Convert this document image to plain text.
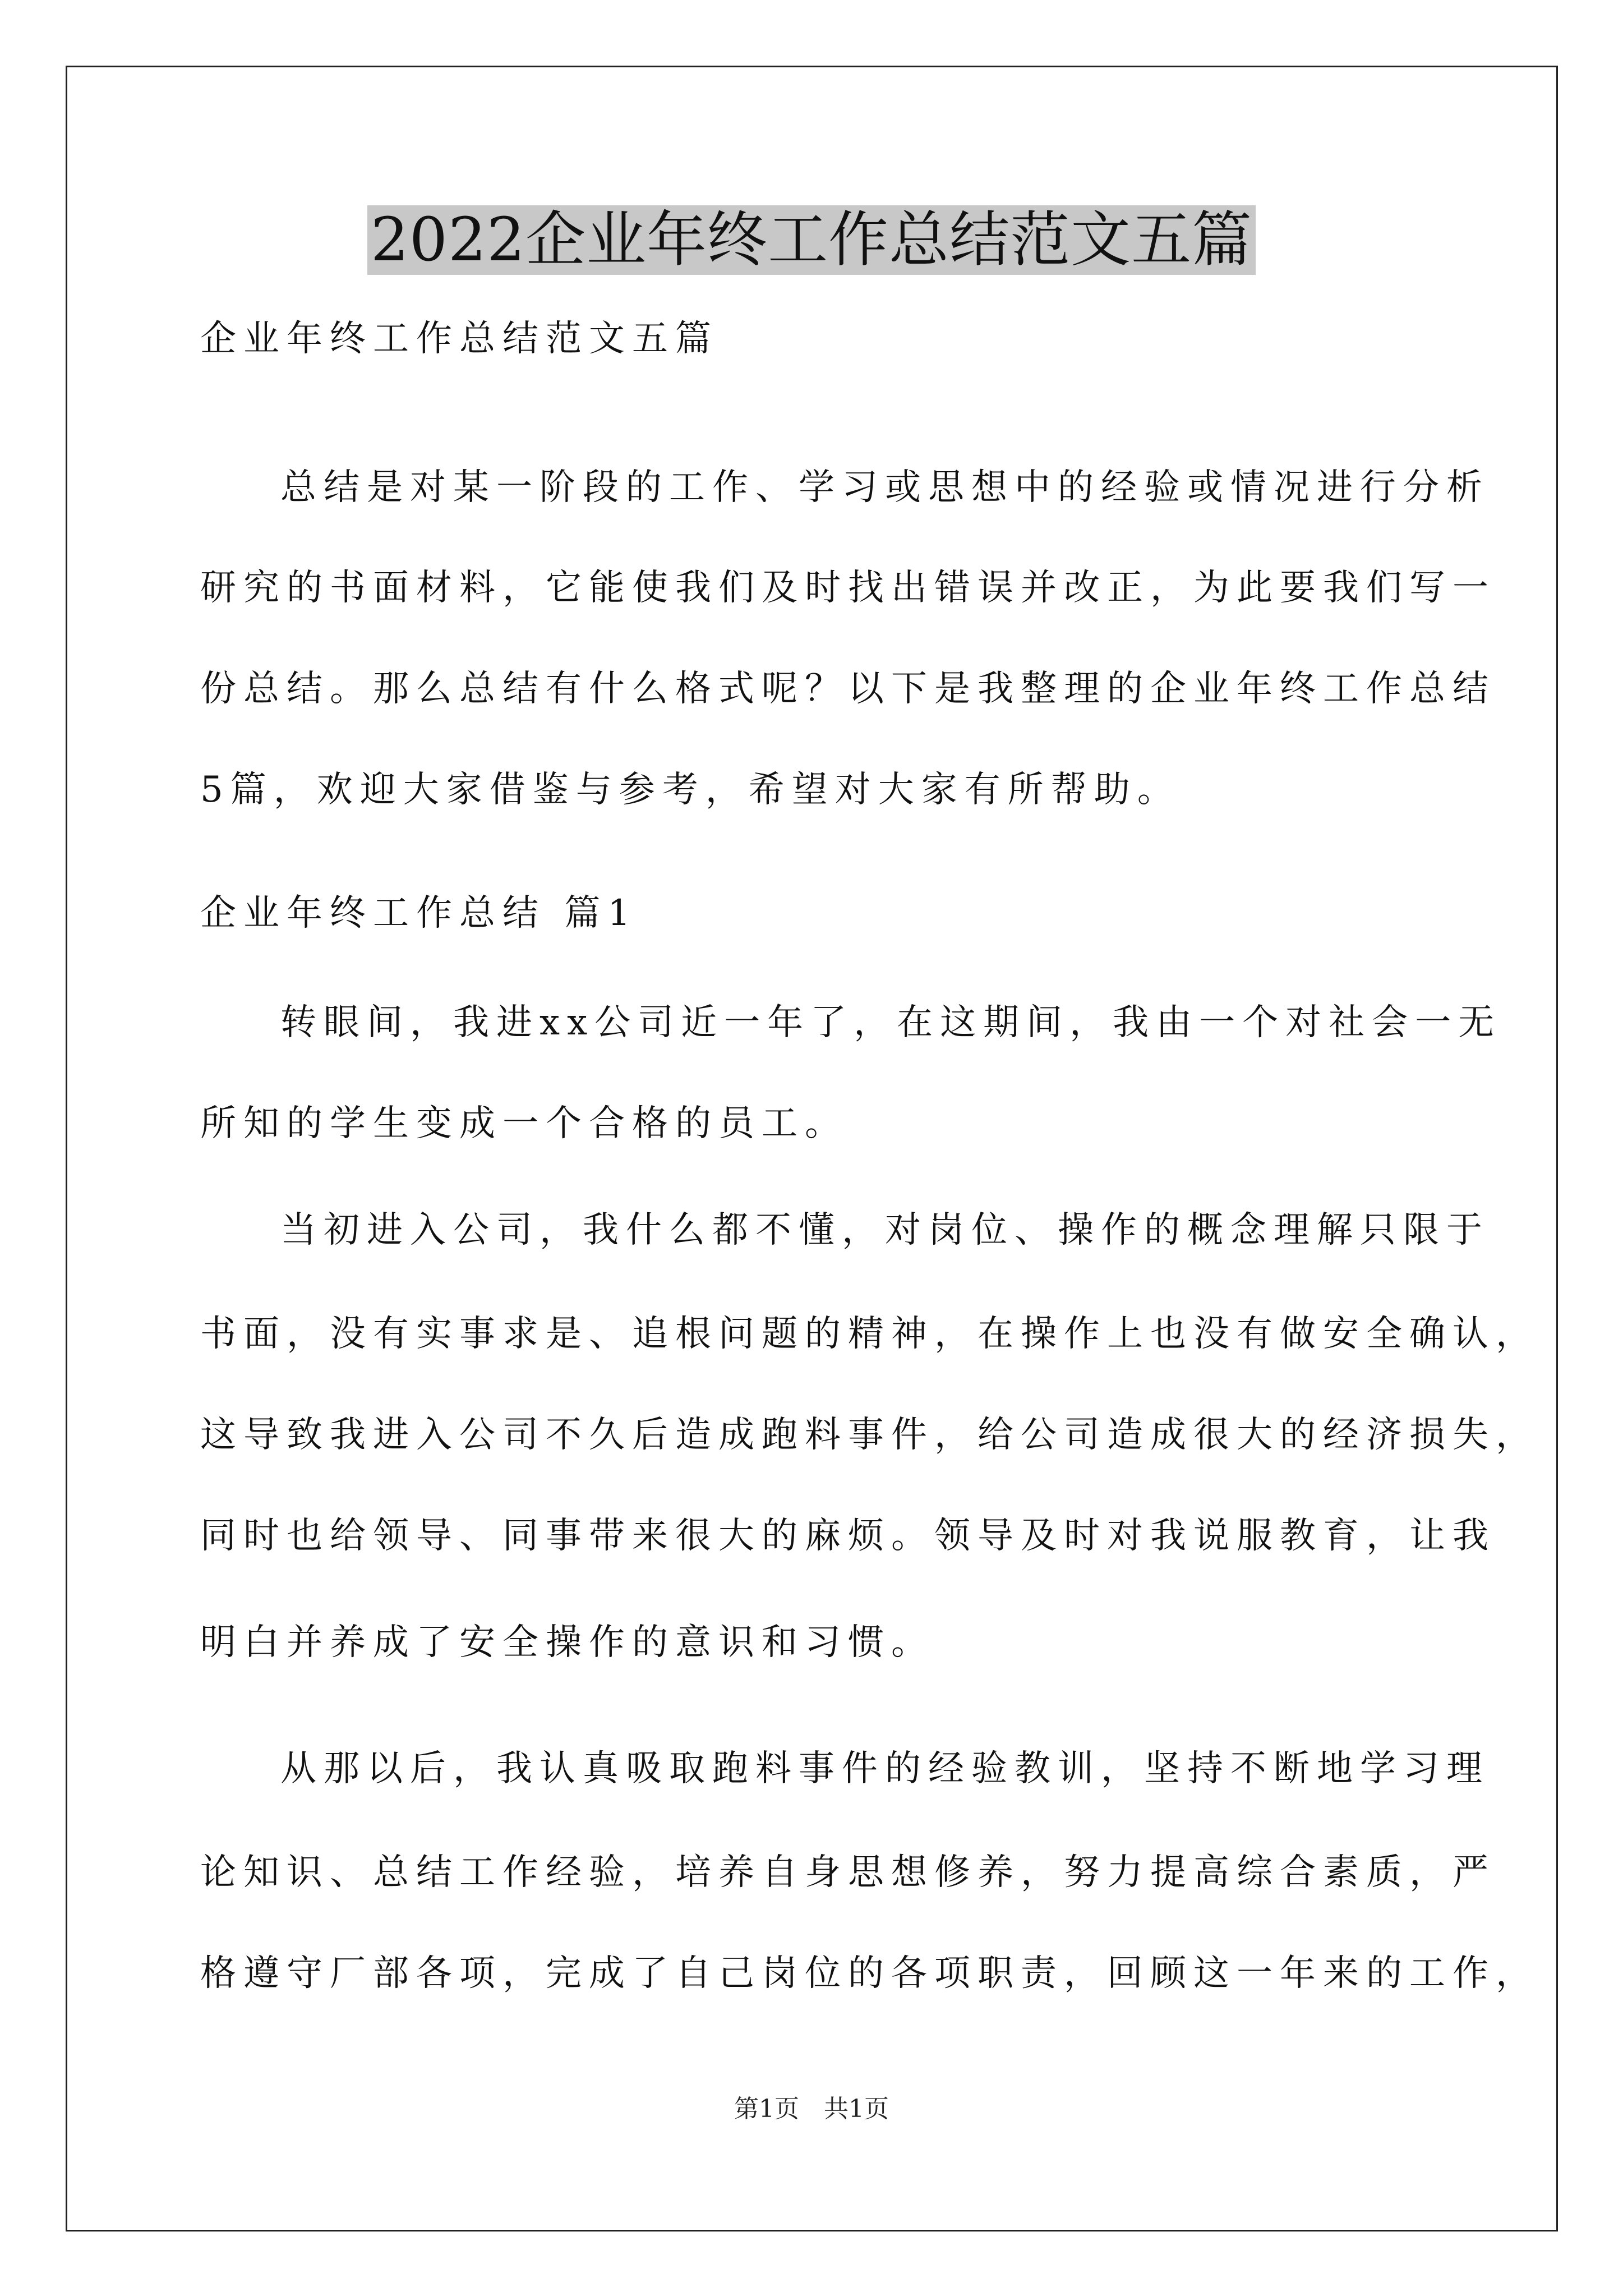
2022企业年终工作总结范文五篇
企业年终工作总结范文五篇
总结是对某一阶段的工作、学习或思想中的经验或情况进行分析
研究的书面材料，它能使我们及时找出错误并改正，为此要我们写一
份总结。那么总结有什么格式呢？以下是我整理的企业年终工作总结
5篇，欢迎大家借鉴与参考，希望对大家有所帮助。
企业年终工作总结 篇1
转眼间，我进xx公司近一年了，在这期间，我由一个对社会一无
所知的学生变成一个合格的员工。
当初进入公司，我什么都不懂，对岗位、操作的概念理解只限于
书面，没有实事求是、追根问题的精神，在操作上也没有做安全确认，
这导致我进入公司不久后造成跑料事件，给公司造成很大的经济损失，
同时也给领导、同事带来很大的麻烦。领导及时对我说服教育，让我
明白并养成了安全操作的意识和习惯。
从那以后，我认真吸取跑料事件的经验教训，坚持不断地学习理
论知识、总结工作经验，培养自身思想修养，努力提高综合素质，严
格遵守厂部各项，完成了自己岗位的各项职责，回顾这一年来的工作，
第1页　共1页
